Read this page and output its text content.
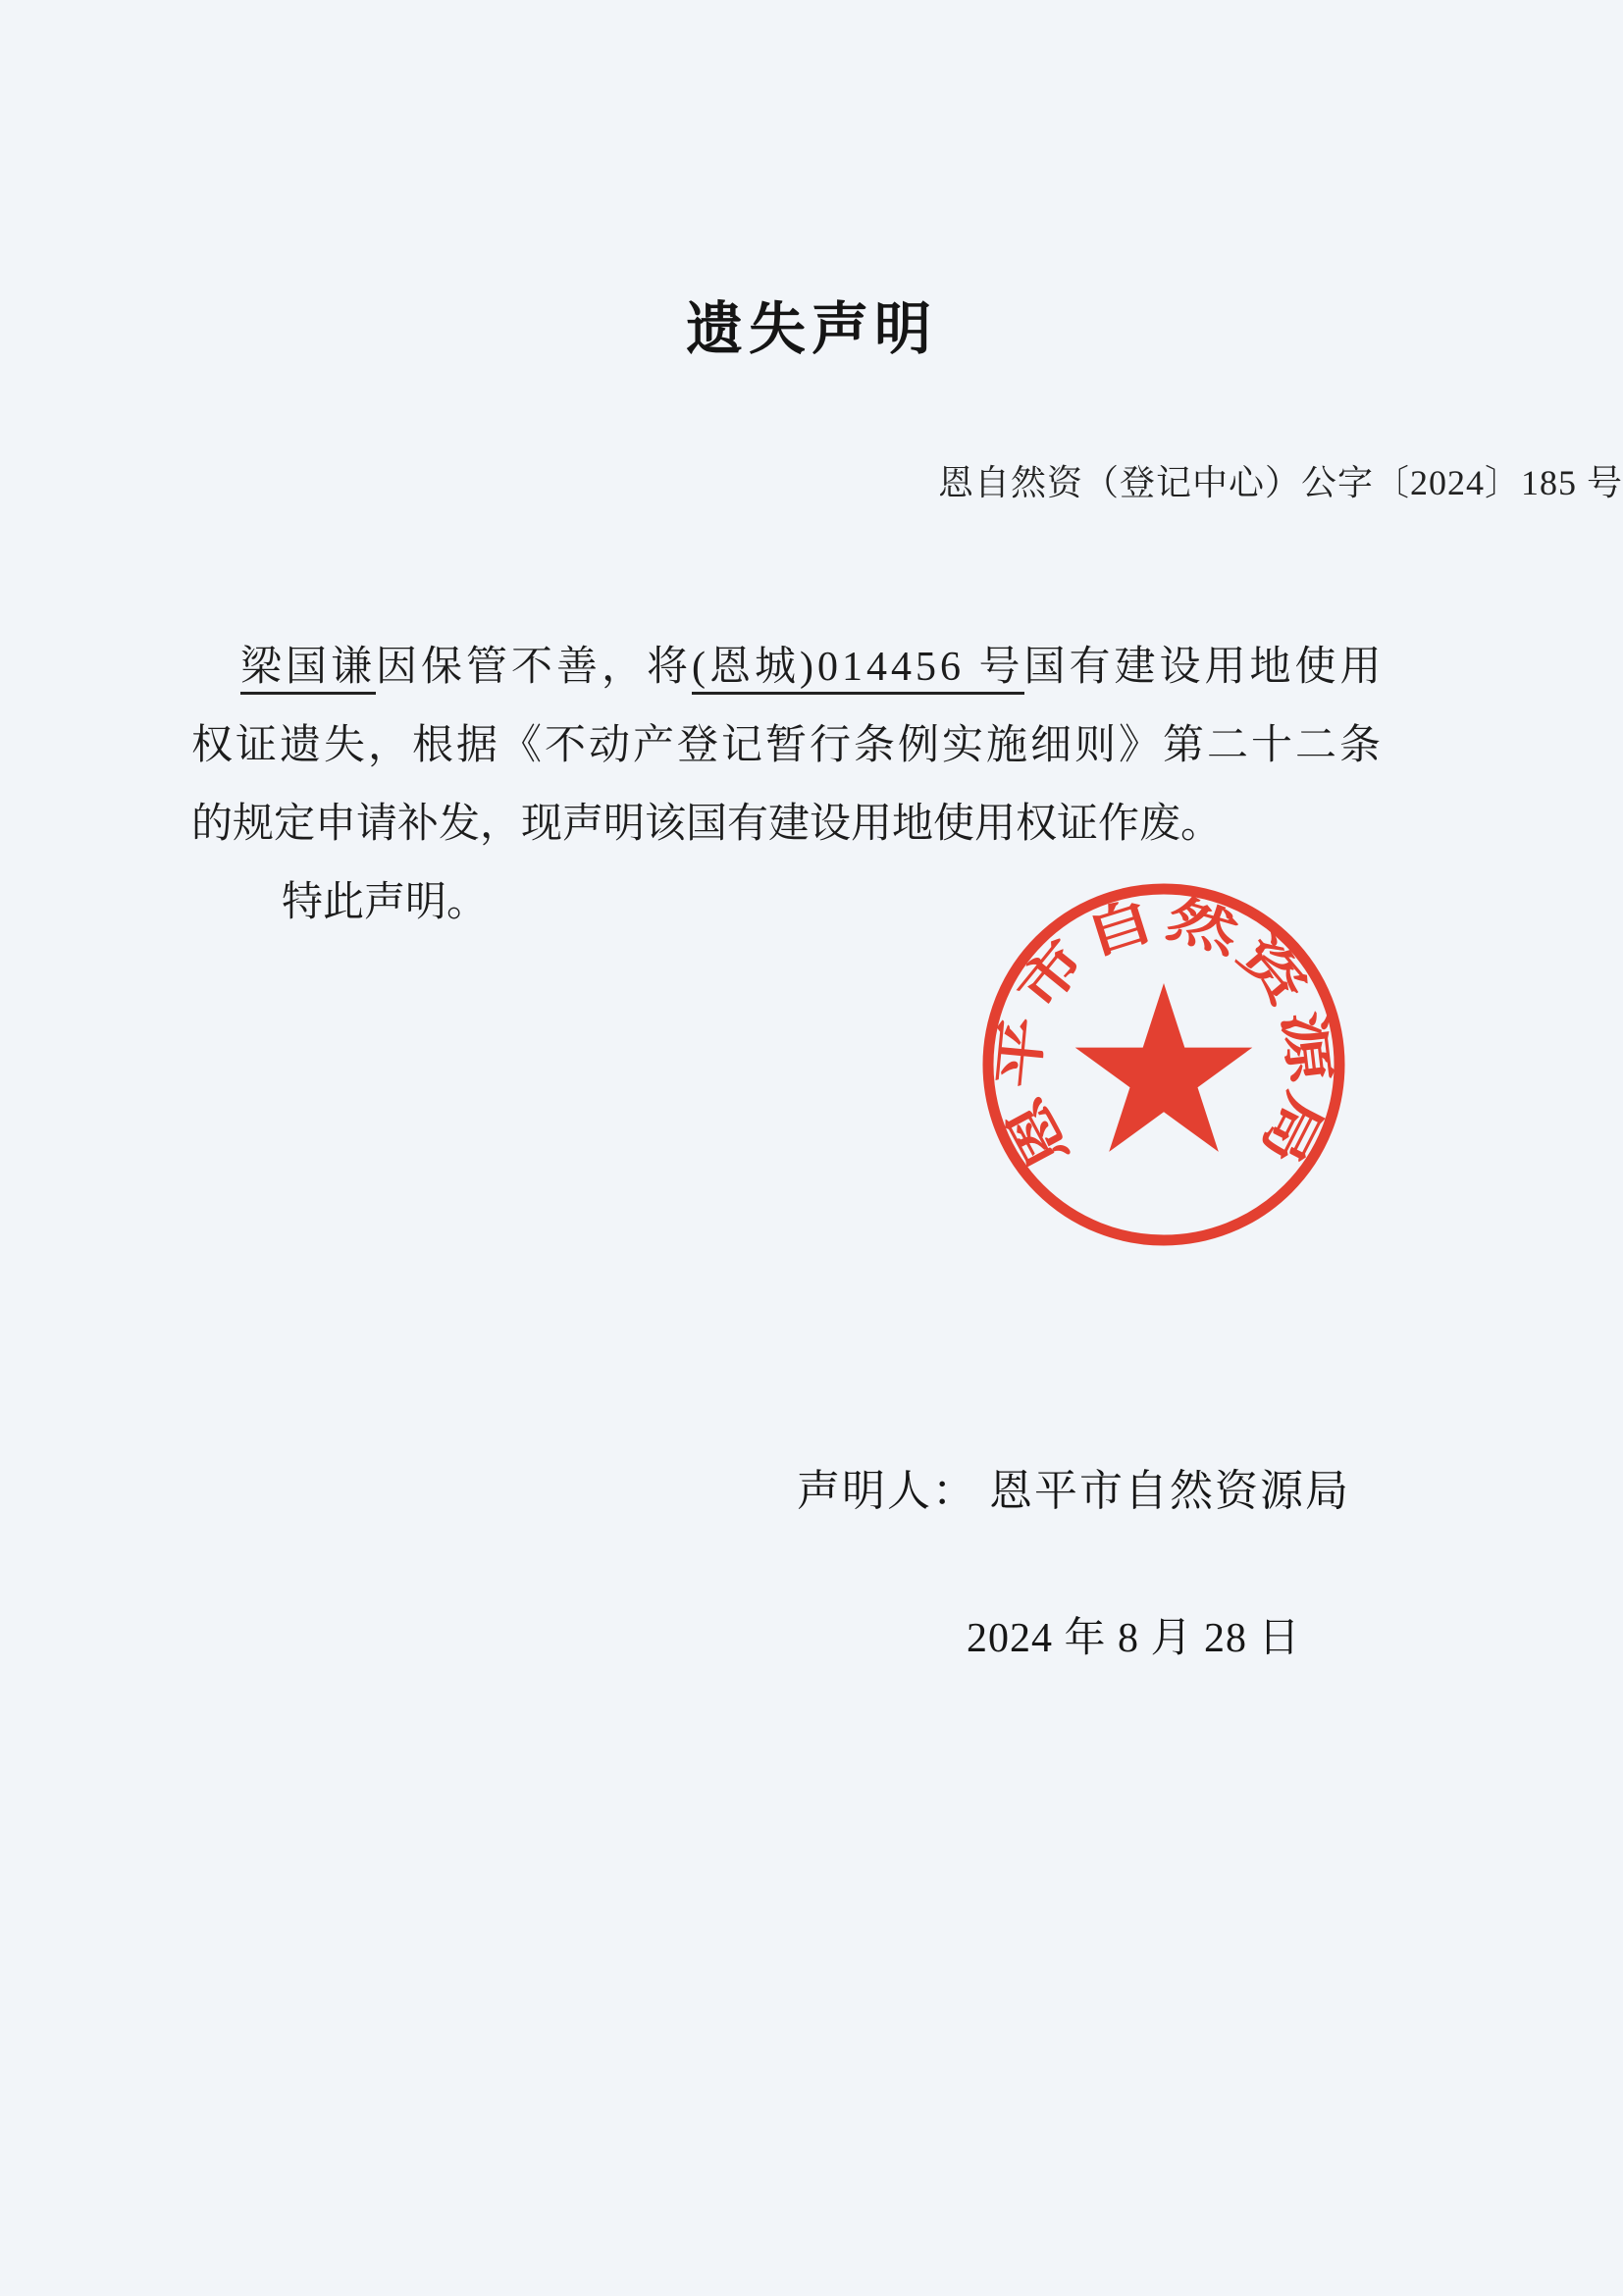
恩平市自然资源局
遗失声明
恩自然资（登记中心）公字〔2024〕185 号

梁国谦因保管不善，将(恩城)014456 号国有建设用地使用

权证遗失，根据《不动产登记暂行条例实施细则》第二十二条

的规定申请补发，现声明该国有建设用地使用权证作废。

特此声明。

声明人： 恩平市自然资源局
2024 年 8 月 28 日
